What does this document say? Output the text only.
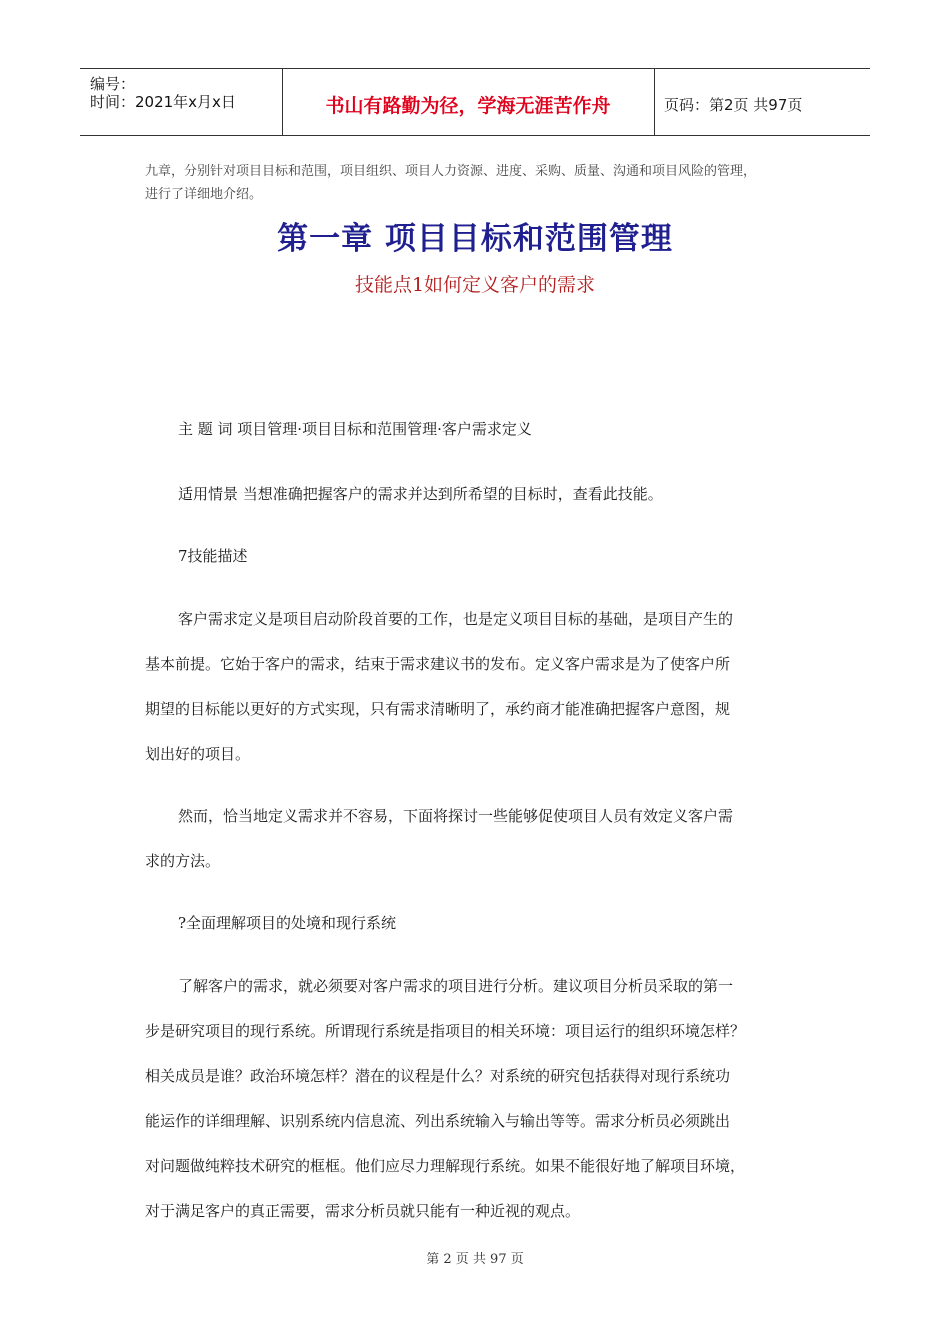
编号：
时间：2021年x月x日	书山有路勤为径，学海无涯苦作舟	页码：第2页 共97页
九章，分别针对项目目标和范围，项目组织、项目人力资源、进度、采购、质量、沟通和项目风险的管理，
进行了详细地介绍。
第一章 项目目标和范围管理
技能点1如何定义客户的需求
主 题 词 项目管理·项目目标和范围管理·客户需求定义
适用情景 当想准确把握客户的需求并达到所希望的目标时，查看此技能。
7技能描述
客户需求定义是项目启动阶段首要的工作，也是定义项目目标的基础，是项目产生的
基本前提。它始于客户的需求，结束于需求建议书的发布。定义客户需求是为了使客户所
期望的目标能以更好的方式实现，只有需求清晰明了，承约商才能准确把握客户意图，规
划出好的项目。
然而，恰当地定义需求并不容易，下面将探讨一些能够促使项目人员有效定义客户需
求的方法。
?全面理解项目的处境和现行系统
了解客户的需求，就必须要对客户需求的项目进行分析。建议项目分析员采取的第一
步是研究项目的现行系统。所谓现行系统是指项目的相关环境：项目运行的组织环境怎样？
相关成员是谁？政治环境怎样？潜在的议程是什么？对系统的研究包括获得对现行系统功
能运作的详细理解、识别系统内信息流、列出系统输入与输出等等。需求分析员必须跳出
对问题做纯粹技术研究的框框。他们应尽力理解现行系统。如果不能很好地了解项目环境，
对于满足客户的真正需要，需求分析员就只能有一种近视的观点。
第 2 页 共 97 页
